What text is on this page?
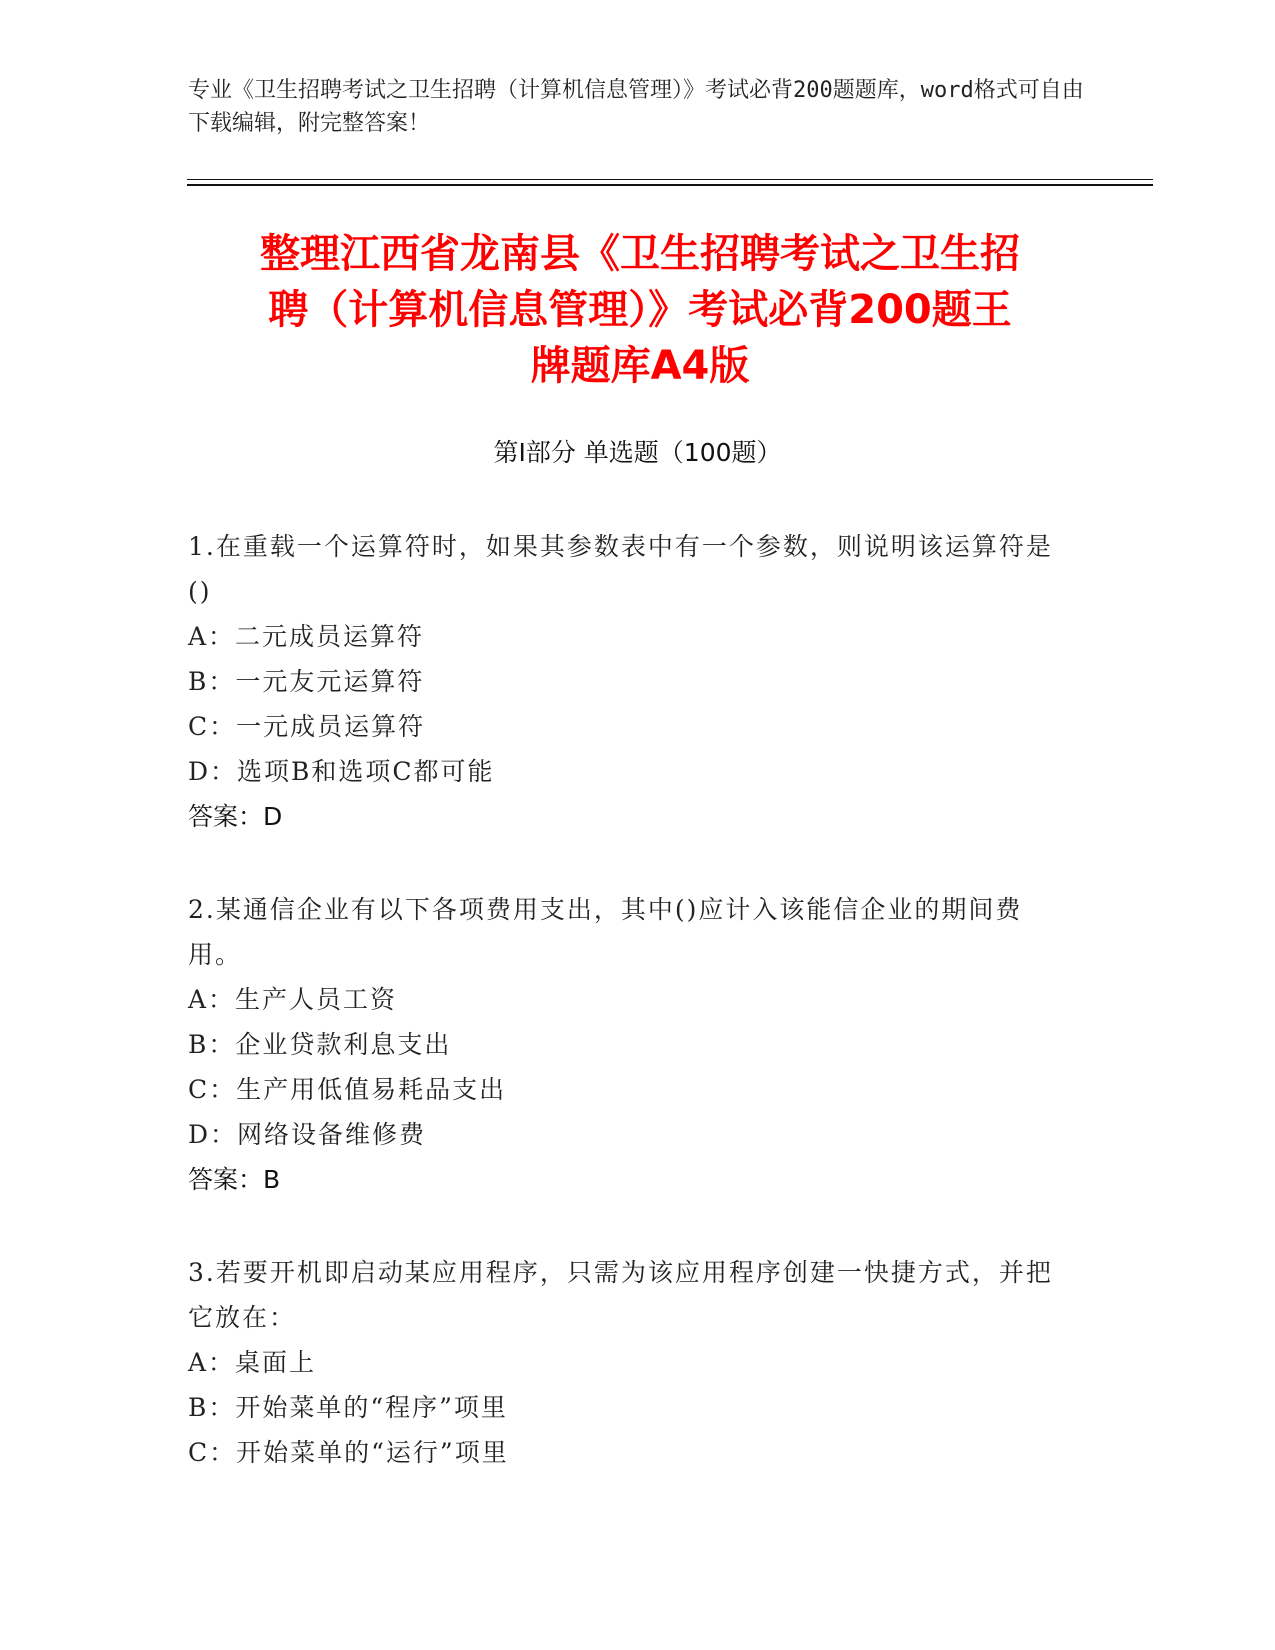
专业《卫生招聘考试之卫生招聘（计算机信息管理）》考试必背200题题库，word格式可自由下载编辑，附完整答案！
整理江西省龙南县《卫生招聘考试之卫生招
聘（计算机信息管理）》考试必背200题王
牌题库A4版
第Ⅰ部分 单选题（100题）
1.在重载一个运算符时，如果其参数表中有一个参数，则说明该运算符是()
A：二元成员运算符
B：一元友元运算符
C：一元成员运算符
D：选项B和选项C都可能
答案：D
2.某通信企业有以下各项费用支出，其中()应计入该能信企业的期间费用。
A：生产人员工资
B：企业贷款利息支出
C：生产用低值易耗品支出
D：网络设备维修费
答案：B
3.若要开机即启动某应用程序，只需为该应用程序创建一快捷方式，并把它放在：
A：桌面上
B：开始菜单的“程序”项里
C：开始菜单的“运行”项里
